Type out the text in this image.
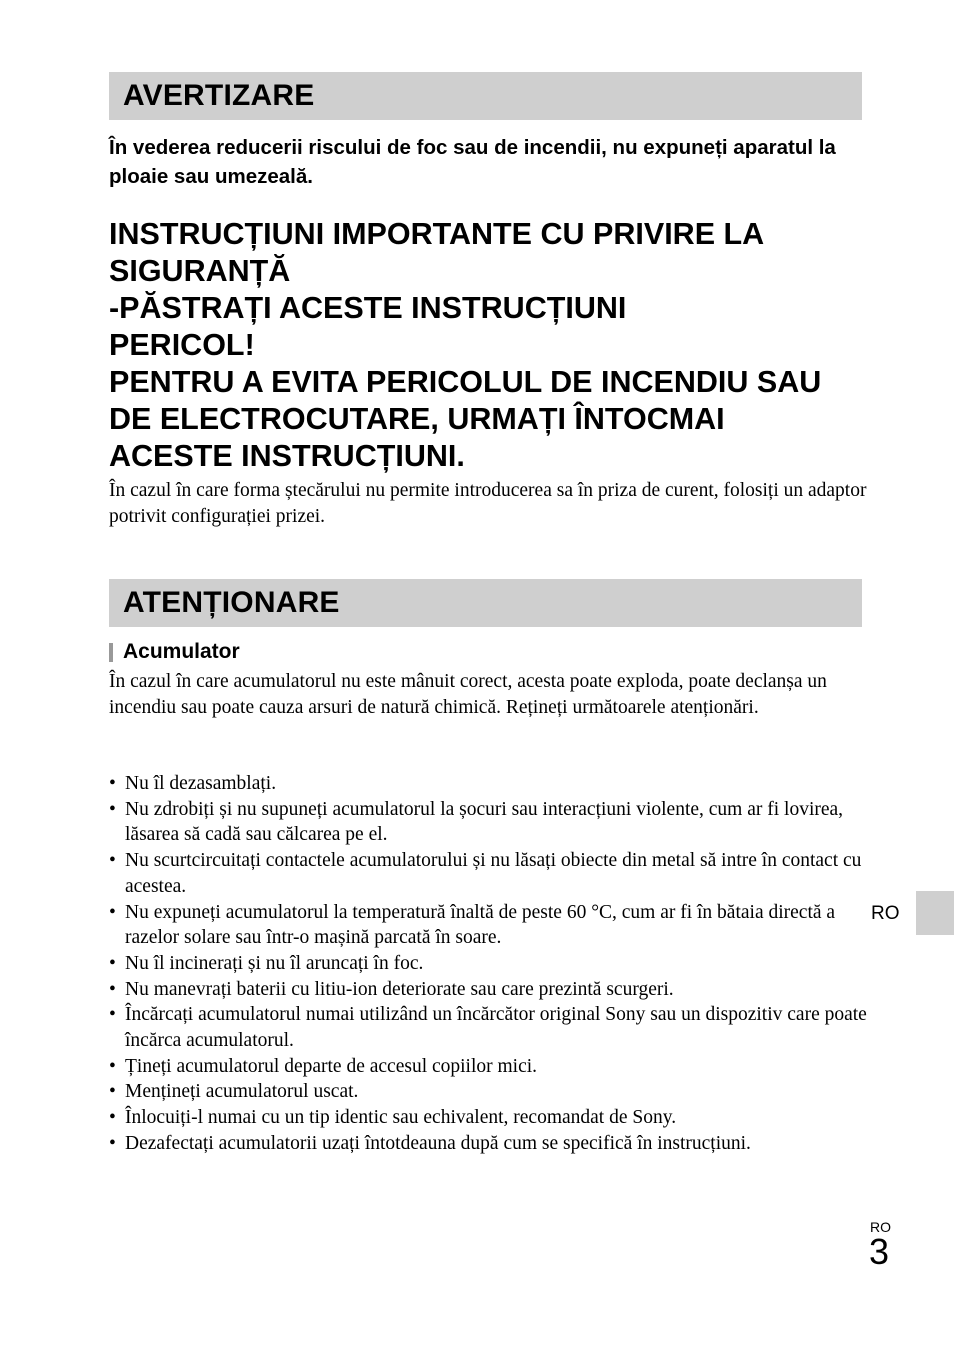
AVERTIZARE
În vederea reducerii riscului de foc sau de incendii, nu expuneți aparatul la ploaie sau umezeală.
INSTRUCȚIUNI IMPORTANTE CU PRIVIRE LA
SIGURANȚĂ
-PĂSTRAȚI ACESTE INSTRUCȚIUNI
PERICOL!
PENTRU A EVITA PERICOLUL DE INCENDIU SAU
DE ELECTROCUTARE, URMAȚI ÎNTOCMAI
ACESTE INSTRUCȚIUNI.
În cazul în care forma ștecărului nu permite introducerea sa în priza de curent, folosiți un adaptor potrivit configurației prizei.
ATENȚIONARE
Acumulator
În cazul în care acumulatorul nu este mânuit corect, acesta poate exploda, poate declanșa un incendiu sau poate cauza arsuri de natură chimică. Rețineți următoarele atenționări.
• Nu îl dezasamblați.
• Nu zdrobiți și nu supuneți acumulatorul la șocuri sau interacțiuni violente, cum ar fi lovirea, lăsarea să cadă sau călcarea pe el.
• Nu scurtcircuitați contactele acumulatorului și nu lăsați obiecte din metal să intre în contact cu acestea.
• Nu expuneți acumulatorul la temperatură înaltă de peste 60 °C, cum ar fi în bătaia directă a razelor solare sau într-o mașină parcată în soare.
• Nu îl incinerați și nu îl aruncați în foc.
• Nu manevrați baterii cu litiu-ion deteriorate sau care prezintă scurgeri.
• Încărcați acumulatorul numai utilizând un încărcător original Sony sau un dispozitiv care poate încărca acumulatorul.
• Țineți acumulatorul departe de accesul copiilor mici.
• Mențineți acumulatorul uscat.
• Înlocuiți-l numai cu un tip identic sau echivalent, recomandat de Sony.
• Dezafectați acumulatorii uzați întotdeauna după cum se specifică în instrucțiuni.
RO
RO
3
